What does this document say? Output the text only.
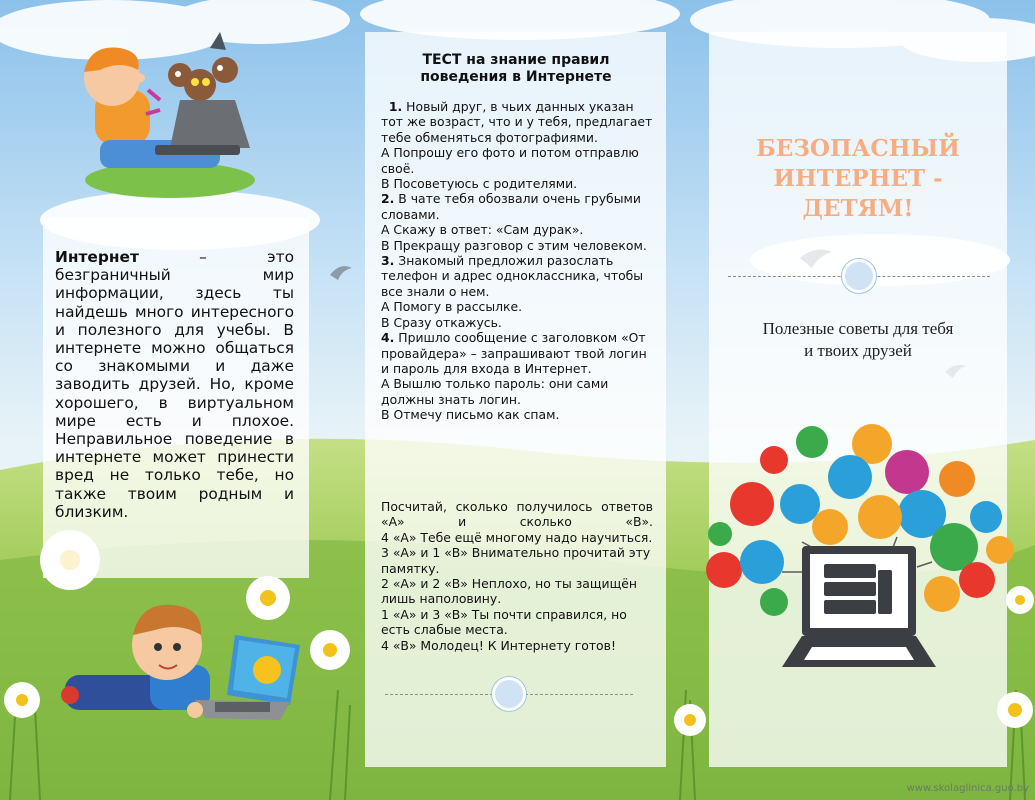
Интернет – это безграничный мир информации, здесь ты найдешь много интересного и полезного для учебы. В интернете можно общаться со знакомыми и даже заводить друзей. Но, кроме хорошего, в виртуальном мире есть и плохое. Неправильное поведение в интернете может принести вред не только тебе, но также твоим родным и близким.
ТЕСТ на знание правил поведения в Интернете

1. Новый друг, в чьих данных указан тот же возраст, что и у тебя, предлагает тебе обменяться фотографиями.

А Попрошу его фото и потом отправлю своё.

В Посоветуюсь с родителями.

2. В чате тебя обозвали очень грубыми словами.

А Скажу в ответ: «Сам дурак».

В Прекращу разговор с этим человеком.

3. Знакомый предложил разослать телефон и адрес одноклассника, чтобы все знали о нем.

А Помогу в рассылке.

В Сразу откажусь.

4. Пришло сообщение с заголовком «От провайдера» – запрашивают твой логин и пароль для входа в Интернет.

А Вышлю только пароль: они сами должны знать логин.

В Отмечу письмо как спам.

Посчитай, сколько получилось ответов «А» и сколько «В».

4 «А» Тебе ещё многому надо научиться.

3 «А» и 1 «В» Внимательно прочитай эту памятку.

2 «А» и 2 «В» Неплохо, но ты защищён лишь наполовину.

1 «А» и 3 «В» Ты почти справился, но есть слабые места.

4 «В» Молодец! К Интернету готов!

БЕЗОПАСНЫЙ ИНТЕРНЕТ - ДЕТЯМ!
Полезные советы для тебя и твоих друзей
www.skolaglinica.guo.by
